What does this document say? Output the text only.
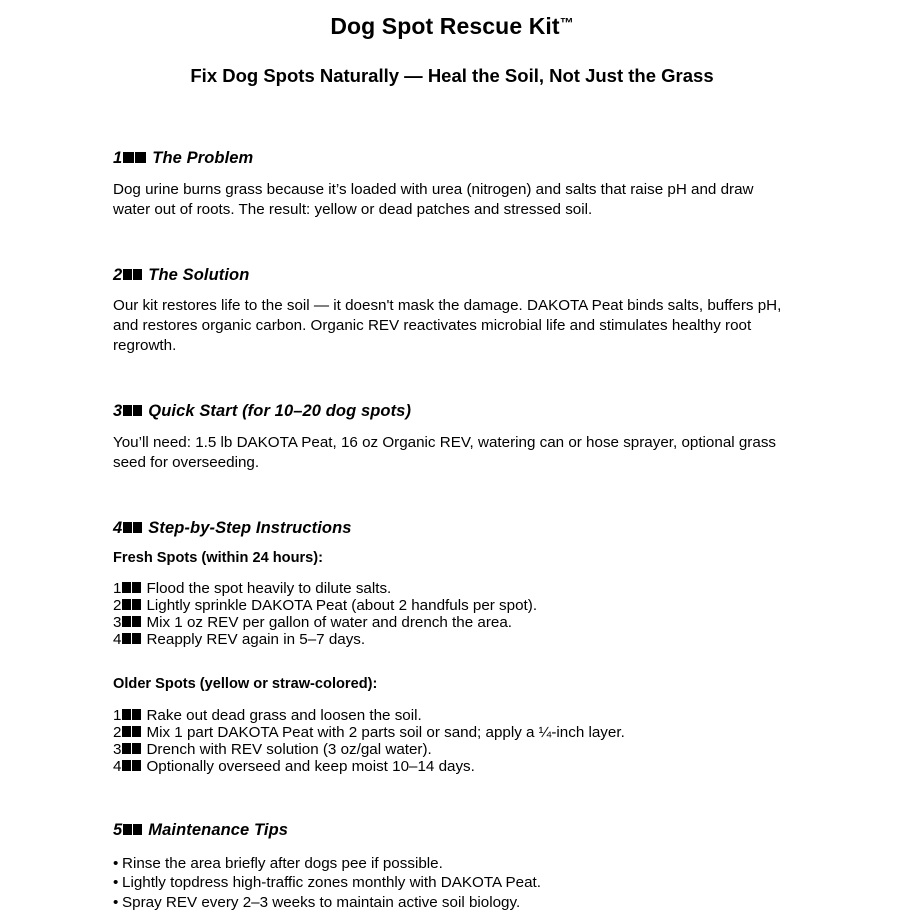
Dog Spot Rescue Kit™
Fix Dog Spots Naturally — Heal the Soil, Not Just the Grass
1 The Problem

Dog urine burns grass because it’s loaded with urea (nitrogen) and salts that raise pH and draw water out of roots. The result: yellow or dead patches and stressed soil.

2 The Solution

Our kit restores life to the soil — it doesn't mask the damage. DAKOTA Peat binds salts, buffers pH, and restores organic carbon. Organic REV reactivates microbial life and stimulates healthy root regrowth.

3 Quick Start (for 10–20 dog spots)

You’ll need: 1.5 lb DAKOTA Peat, 16 oz Organic REV, watering can or hose sprayer, optional grass seed for overseeding.

4 Step-by-Step Instructions
Fresh Spots (within 24 hours):
1 Flood the spot heavily to dilute salts.
2 Lightly sprinkle DAKOTA Peat (about 2 handfuls per spot).
3 Mix 1 oz REV per gallon of water and drench the area.
4 Reapply REV again in 5–7 days.
Older Spots (yellow or straw-colored):
1 Rake out dead grass and loosen the soil.
2 Mix 1 part DAKOTA Peat with 2 parts soil or sand; apply a ¼-inch layer.
3 Drench with REV solution (3 oz/gal water).
4 Optionally overseed and keep moist 10–14 days.
5 Maintenance Tips
• Rinse the area briefly after dogs pee if possible.
• Lightly topdress high-traffic zones monthly with DAKOTA Peat.
• Spray REV every 2–3 weeks to maintain active soil biology.
